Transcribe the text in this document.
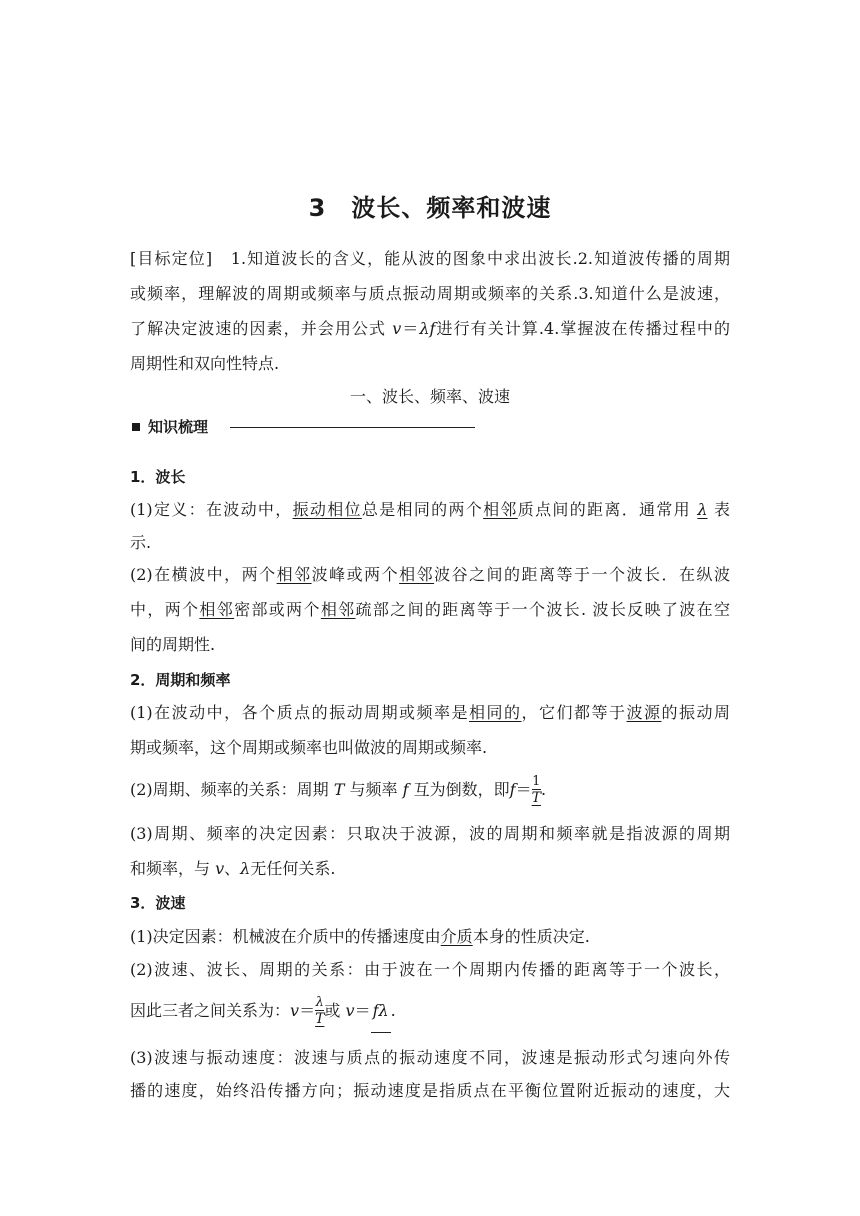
3　波长、频率和波速
[目标定位] 1.知道波长的含义，能从波的图象中求出波长.2.知道波传播的周期
或频率，理解波的周期或频率与质点振动周期或频率的关系.3.知道什么是波速，
了解决定波速的因素，并会用公式 v＝λf进行有关计算.4.掌握波在传播过程中的
周期性和双向性特点.
一、波长、频率、波速
知识梳理
1．波长
(1)定义：在波动中，振动相位总是相同的两个相邻质点间的距离．通常用 λ 表
示.
(2)在横波中，两个相邻波峰或两个相邻波谷之间的距离等于一个波长．在纵波
中，两个相邻密部或两个相邻疏部之间的距离等于一个波长. 波长反映了波在空
间的周期性.
2．周期和频率
(1)在波动中，各个质点的振动周期或频率是相同的，它们都等于波源的振动周
期或频率，这个周期或频率也叫做波的周期或频率.
(2)周期、频率的关系：周期 T 与频率 f 互为倒数，即$f= \frac{1}{T}$ .
(3)周期、频率的决定因素：只取决于波源，波的周期和频率就是指波源的周期
和频率，与 v、λ无任何关系.
3．波速
(1)决定因素：机械波在介质中的传播速度由介质本身的性质决定.
(2)波速、波长、周期的关系：由于波在一个周期内传播的距离等于一个波长，
因此三者之间关系为：$v= \frac{\lambda}{T}$ 或 v＝ fλ .
(3)波速与振动速度：波速与质点的振动速度不同，波速是振动形式匀速向外传
播的速度，始终沿传播方向；振动速度是指质点在平衡位置附近振动的速度，大
